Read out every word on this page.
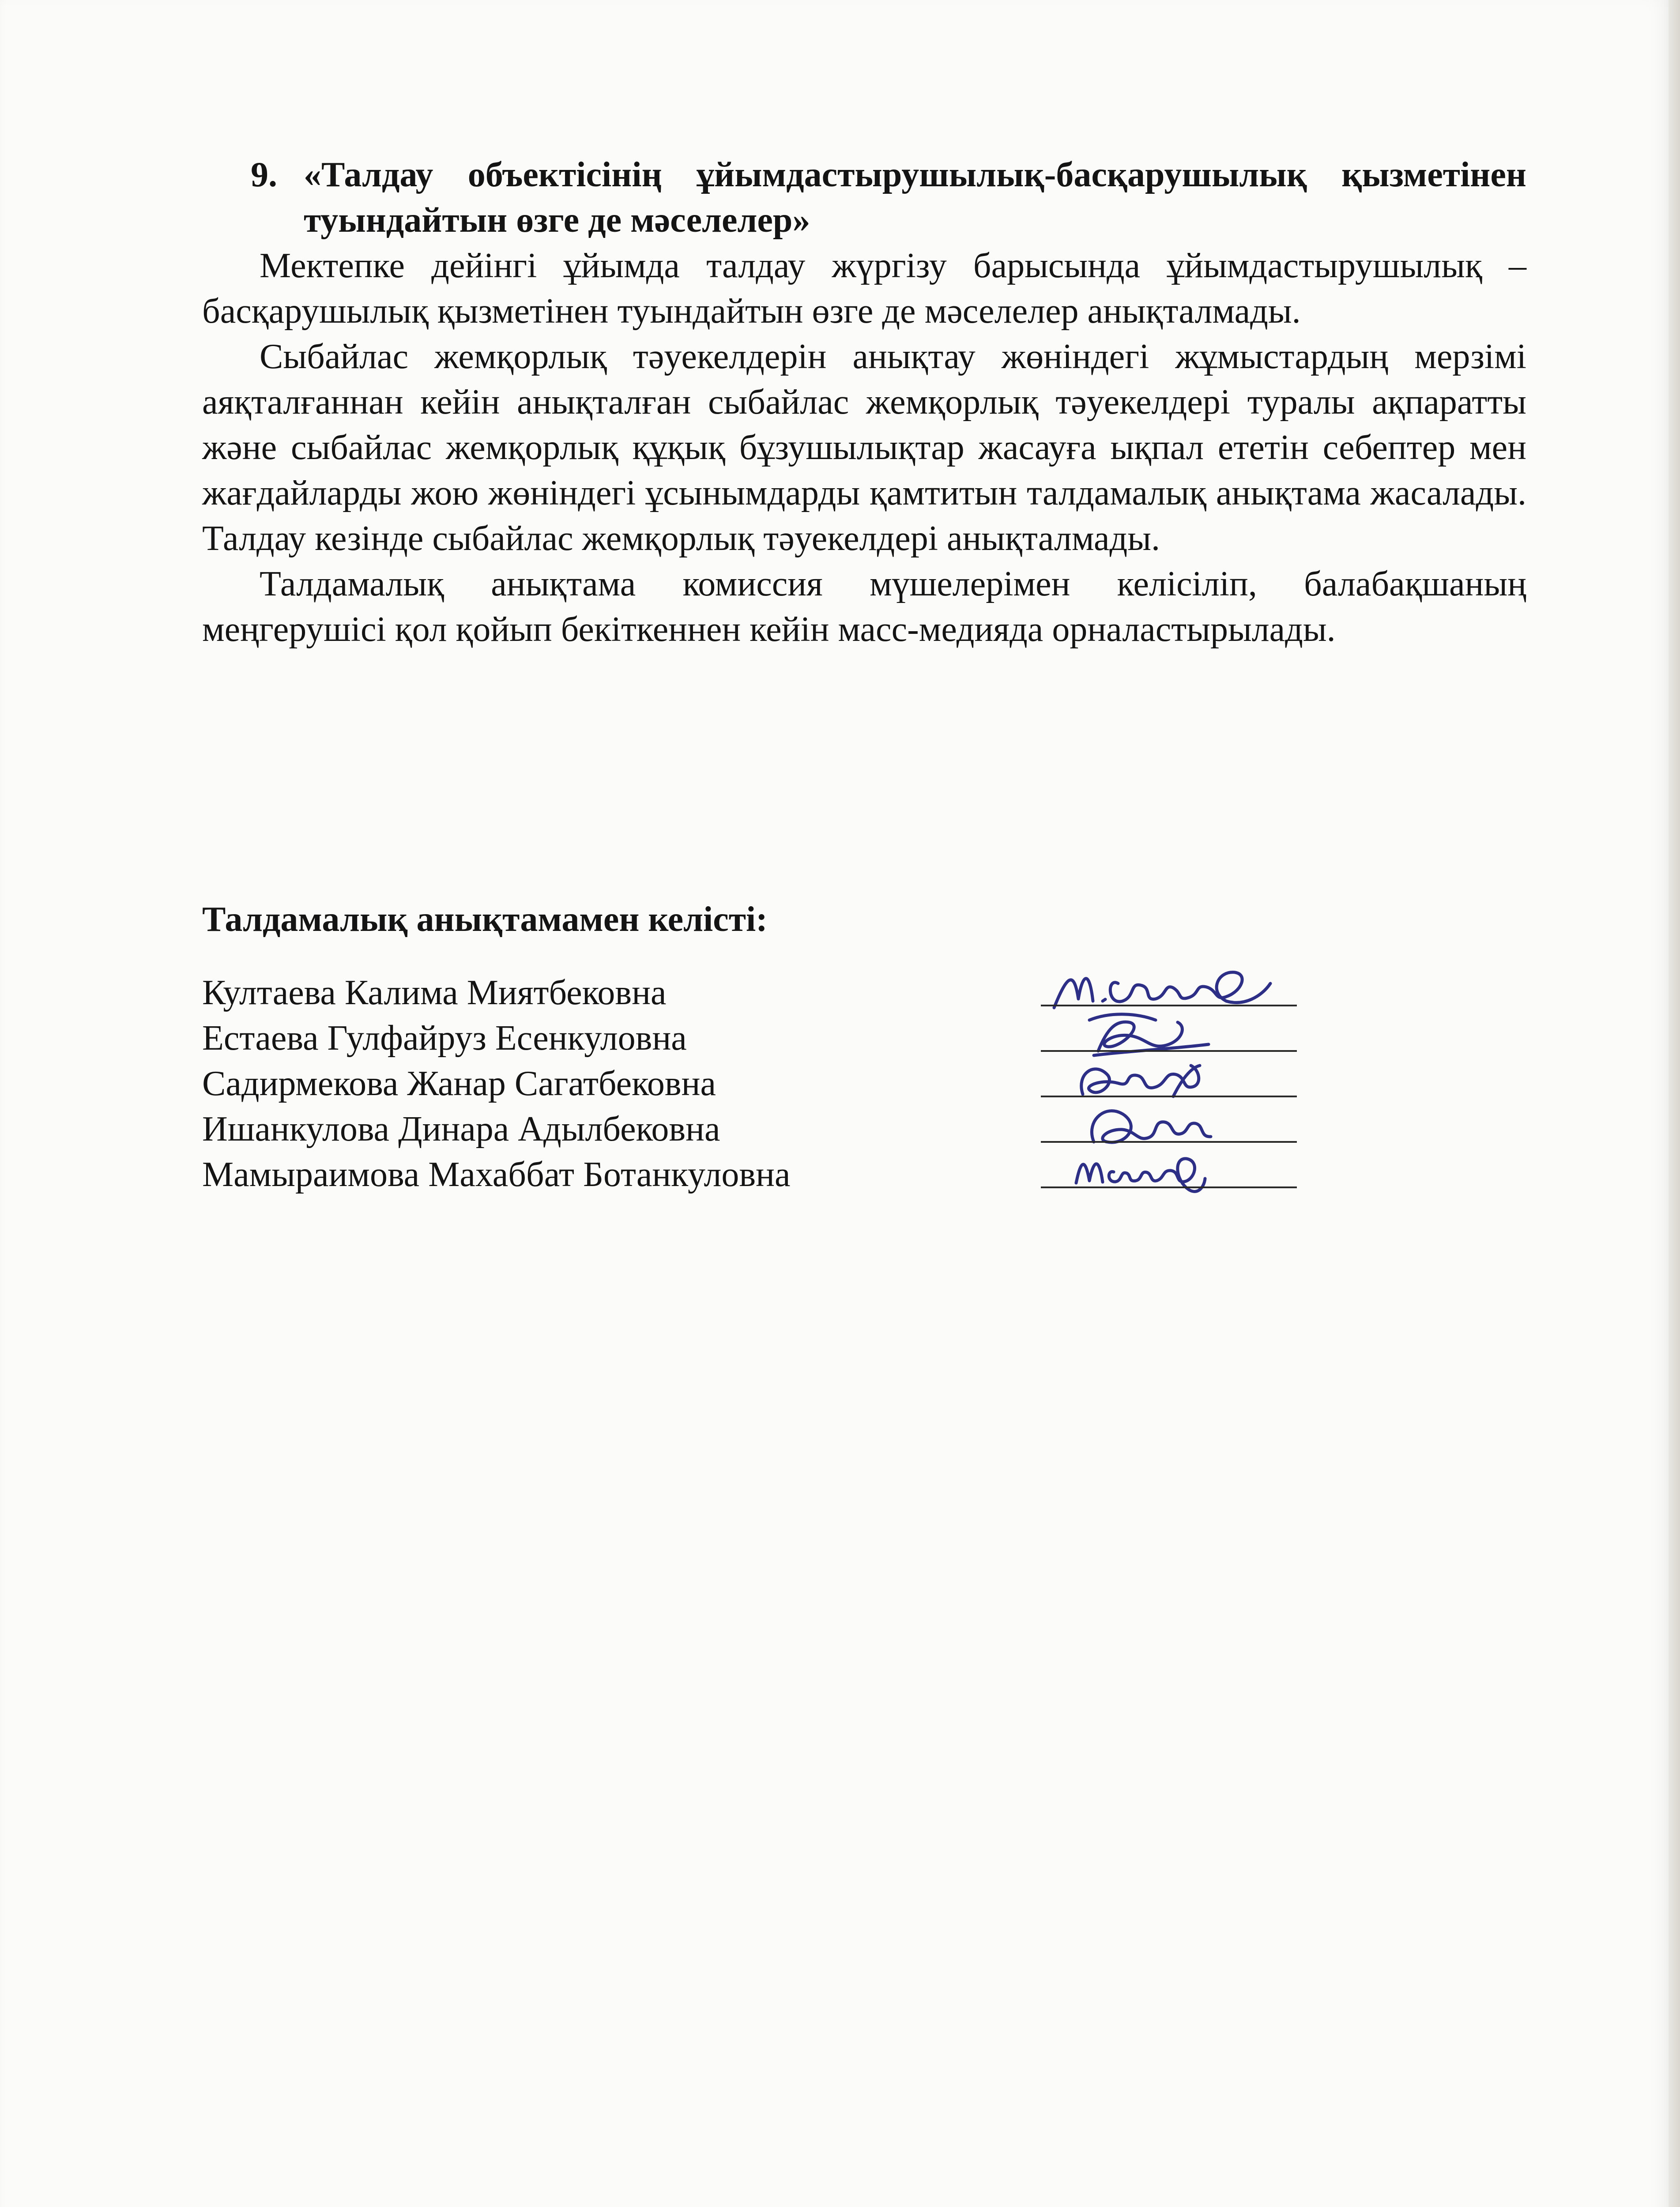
9. «Талдау объектісінің ұйымдастырушылық-басқарушылық қызметінен туындайтын өзге де мәселелер»

Мектепке дейінгі ұйымда талдау жүргізу барысында ұйымдастырушылық – басқарушылық қызметінен туындайтын өзге де мәселелер анықталмады.

Сыбайлас жемқорлық тәуекелдерін анықтау жөніндегі жұмыстардың мерзімі аяқталғаннан кейін анықталған сыбайлас жемқорлық тәуекелдері туралы ақпаратты және сыбайлас жемқорлық құқық бұзушылықтар жасауға ықпал ететін себептер мен жағдайларды жою жөніндегі ұсынымдарды қамтитын талдамалық анықтама жасалады. Талдау кезінде сыбайлас жемқорлық тәуекелдері анықталмады.

Талдамалық анықтама комиссия мүшелерімен келісіліп, балабақшаның меңгерушісі қол қойып бекіткеннен кейін масс-медияда орналастырылады.

Талдамалық анықтамамен келісті:

Култаева Калима Миятбековна
Естаева Гулфайруз Есенкуловна
Садирмекова Жанар Сагатбековна
Ишанкулова Динара Адылбековна
Мамыраимова Махаббат Ботанкуловна
